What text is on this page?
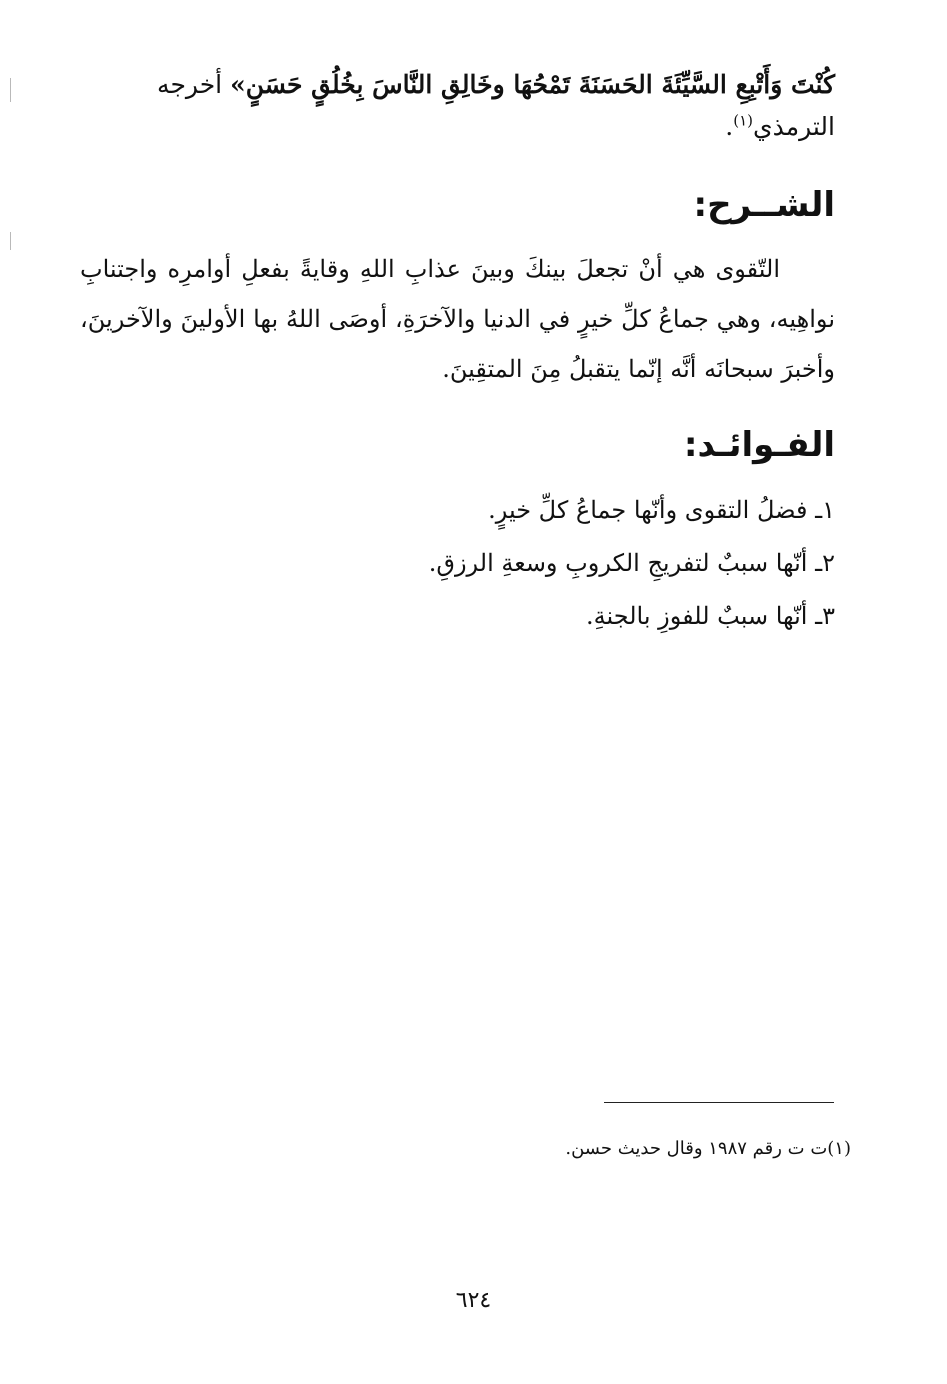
كُنْتَ وَأَتْبِعِ السَّيِّئَةَ الحَسَنَةَ تَمْحُهَا وخَالِقِ النَّاسَ بِخُلُقٍ حَسَنٍ» أخرجه الترمذي$^{(١)}$.
الشــرح:
التّقوى هي أنْ تجعلَ بينكَ وبينَ عذابِ اللهِ وقايةً بفعلِ أوامرِه واجتنابِ نواهِيه، وهي جماعُ كلِّ خيرٍ في الدنيا والآخرَةِ، أوصَى اللهُ بها الأولينَ والآخرينَ، وأخبرَ سبحانَه أنَّه إنّما يتقبلُ مِنَ المتقِينَ.
الفـوائـد:
١ـ فضلُ التقوى وأنّها جماعُ كلِّ خيرٍ.
٢ـ أنّها سببٌ لتفريجِ الكروبِ وسعةِ الرزقِ.
٣ـ أنّها سببٌ للفوزِ بالجنةِ.
(١)ت ت رقم ١٩٨٧ وقال حديث حسن.
٦٢٤
